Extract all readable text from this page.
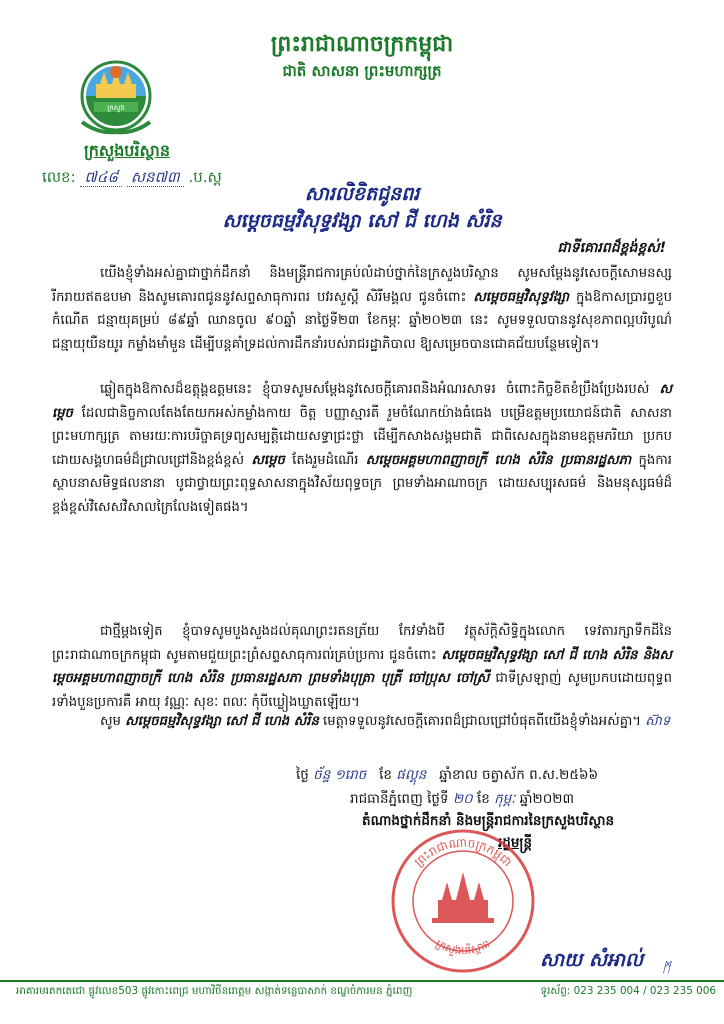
ព្រះរាជាណាចក្រកម្ពុជា
ជាតិ សាសនា ព្រះមហាក្សត្រ
ក្រសួង
ក្រសួងបរិស្ថាន
លេខ: ៧៤៨ សន៧៣ .ប.ស្ត
សារលិខិតជូនពរ
សម្តេចធម្មវិសុទ្ធវង្សា សៅ ជី ហេង សំរិន
ជាទីគោរពដ៏ខ្ពង់ខ្ពស់!
យើងខ្ញុំទាំងអស់គ្នាជាថ្នាក់ដឹកនាំ និងមន្ត្រីរាជការគ្រប់លំដាប់ថ្នាក់នៃក្រសួងបរិស្ថាន សូមសម្តែងនូវសេចក្តីសោមនស្សរីករាយឥតឧបមា និងសូមគោរពជូននូវសព្ទសាធុការពរ បវរសួស្តី សិរីមង្គល ជូនចំពោះ សម្តេចធម្មវិសុទ្ធវង្សា ក្នុងឱកាសប្រារព្ធខួបកំណើត ជន្មាយុគម្រប់ ៨៩ឆ្នាំ ឈានចូល ៩០ឆ្នាំ នាថ្ងៃទី២៣ ខែកម្ភៈ ឆ្នាំ២០២៣ នេះ សូមទទួលបាននូវសុខភាពល្អបរិបូណ៌ ជន្មាយុយឺនយូរ កម្លាំងមាំមួន ដើម្បីបន្តគាំទ្រដល់ការដឹកនាំរបស់រាជរដ្ឋាភិបាល ឱ្យសម្រេចបានជោគជ័យបន្ថែមទៀត។
ឆ្លៀតក្នុងឱកាសដ៏ឧត្តុង្គឧត្តមនេះ ខ្ញុំបាទសូមសម្តែងនូវសេចក្តីគោរពនិងអំណរសាទរ ចំពោះកិច្ចខិតខំប្រឹងប្រែងរបស់ សម្តេច ដែលជានិច្ចកាលតែងតែយកអស់កម្លាំងកាយ ចិត្ត បញ្ញាស្មារតី រួមចំណែកយ៉ាងធំធេង បម្រើឧត្តមប្រយោជន៍ជាតិ សាសនា ព្រះមហាក្សត្រ តាមរយៈការបរិច្ចាគទ្រព្យសម្បត្តិដោយសទ្ធាជ្រះថ្លា ដើម្បីកសាងសង្គមជាតិ ជាពិសេសក្នុងនាមឧត្តមភរិយា ប្រកបដោយសង្គហធម៌ដ៏ជ្រាលជ្រៅនិងខ្ពង់ខ្ពស់ សម្តេច តែងរួមដំណើរ សម្តេចអគ្គមហាពញាចក្រី ហេង សំរិន ប្រធានរដ្ឋសភា ក្នុងការស្ថាបនាសមិទ្ធផលនានា បូជាថ្វាយព្រះពុទ្ធសាសនាក្នុងវិស័យពុទ្ធចក្រ ព្រមទាំងអាណាចក្រ ដោយសប្បុរសធម៌ និងមនុស្សធម៌ដ៏ខ្ពង់ខ្ពស់វិសេសវិសាលក្រៃលែងទៀតផង។
ជាថ្មីម្តងទៀត ខ្ញុំបាទសូមបួងសួងដល់គុណព្រះរតនត្រ័យ កែវទាំងបី វត្ថុស័ក្តិសិទ្ធិក្នុងលោក ទេវតារក្សាទឹកដីនៃព្រះរាជាណាចក្រកម្ពុជា សូមតាមជួយព្រះព្រំសព្ទសាធុការពរ់គ្រប់ប្រការ ជូនចំពោះ សម្តេចធម្មវិសុទ្ធវង្សា សៅ ជី ហេង សំរិន និងសម្តេចអគ្គមហាពញាចក្រី ហេង សំរិន ប្រធានរដ្ឋសភា ព្រមទាំងបុត្រា បុត្រី ចៅប្រុស ចៅស្រី ជាទីស្រឡាញ់ សូមប្រកបដោយពុទ្ធពរទាំងបួនប្រការគឺ អាយុ វណ្ណៈ សុខៈ ពលៈ កុំបីឃ្លៀងឃ្លាតឡើយ។
សូម សម្តេចធម្មវិសុទ្ធវង្សា សៅ ជី ហេង សំរិន មេត្តាទទួលនូវសេចក្តីគោរពដ៏ជ្រាលជ្រៅបំផុតពីយើងខ្ញុំទាំងអស់គ្នា។ ស៊ាទ
ថ្ងៃ ច័ន្ទ ១រោច ខែ ផល្គុន ឆ្នាំខាល ចត្វាស័ក ព.ស.២៥៦៦
រាជធានីភ្នំពេញ ថ្ងៃទី ២០ ខែ កុម្ភៈ ឆ្នាំ២០២៣
តំណាងថ្នាក់ដឹកនាំ និងមន្ត្រីរាជការនៃក្រសួងបរិស្ថាន
រដ្ឋមន្ត្រី
ព្រះរាជាណាចក្រកម្ពុជា
ក្រសួងបរិស្ថាន
សាយ សំអាល់ ᛗ
អាគារមរតកតេជោ ផ្លូវលេខ503 ផ្លូវកោះពេជ្រ មហាវិថីនរោត្តម សង្កាត់ទន្លេបាសាក់ ខណ្ឌចំការមន ភ្នំពេញ	ទូរស័ព្ទ: 023 235 004 / 023 235 006
